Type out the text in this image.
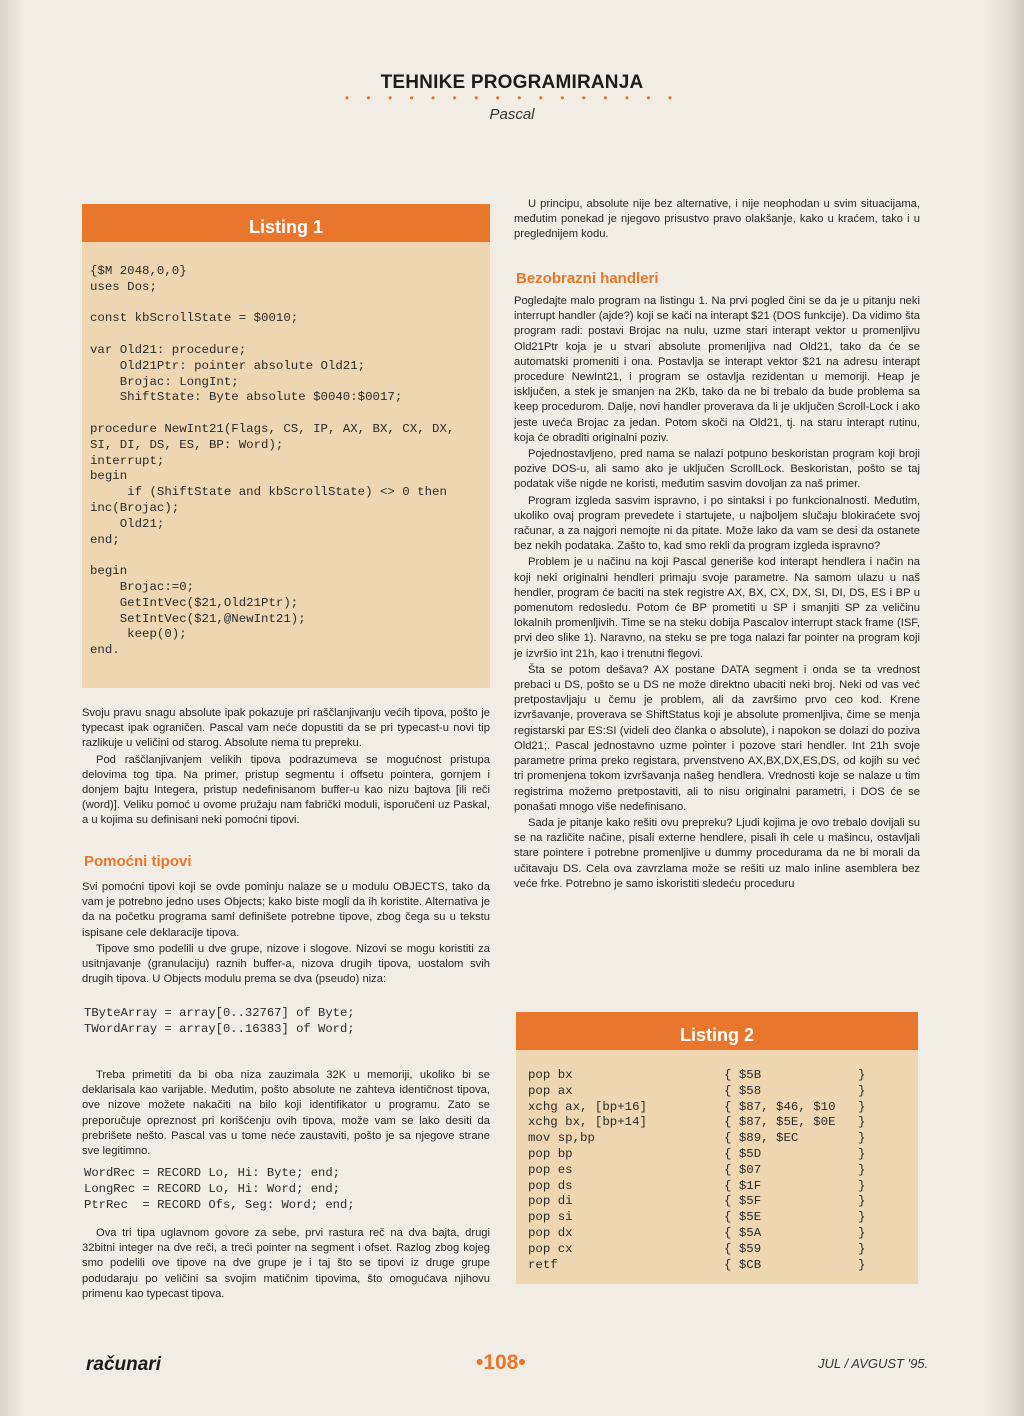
TEHNIKE PROGRAMIRANJA
• • • • • • • • • • • • • • • •
Pascal
Listing 1
{$M 2048,0,0}
uses Dos;
const kbScrollState = $0010;
var Old21: procedure;
Old21Ptr: pointer absolute Old21;
Brojac: LongInt;
ShiftState: Byte absolute $0040:$0017;
procedure NewInt21(Flags, CS, IP, AX, BX, CX, DX,
SI, DI, DS, ES, BP: Word);
interrupt;
begin
if (ShiftState and kbScrollState) <> 0 then
inc(Brojac);
Old21;
end;
begin
Brojac:=0;
GetIntVec($21,Old21Ptr);
SetIntVec($21,@NewInt21);
keep(0);
end.

Svoju pravu snagu absolute ipak pokazuje pri raščlanjivanju većih tipova, pošto je typecast ipak ograničen. Pascal vam neće dopustiti da se pri typecast-u novi tip razlikuje u veličini od starog. Absolute nema tu prepreku.

Pod raščlanjivanjem velikih tipova podrazumeva se mogućnost pristupa delovima tog tipa. Na primer, pristup segmentu i offsetu pointera, gornjem i donjem bajtu Integera, pristup nedefinisanom buffer-u kao nizu bajtova [ili reči (word)]. Veliku pomoć u ovome pružaju nam fabrički moduli, isporučeni uz Paskal, a u kojima su definisani neki pomoćni tipovi.

Pomoćni tipovi

Svi pomoćni tipovi koji se ovde pominju nalaze se u modulu OBJECTS, tako da vam je potrebno jedno uses Objects; kako biste mogli da ih koristite. Alternativa je da na početku programa sami definišete potrebne tipove, zbog čega su u tekstu ispisane cele deklaracije tipova.

Tipove smo podelili u dve grupe, nizove i slogove. Nizovi se mogu koristiti za usitnjavanje (granulaciju) raznih buffer-a, nizova drugih tipova, uostalom svih drugih tipova. U Objects modulu prema se dva (pseudo) niza:

TByteArray = array[0..32767] of Byte;
TWordArray = array[0..16383] of Word;

Treba primetiti da bi oba niza zauzimala 32K u memoriji, ukoliko bi se deklarisala kao varijable. Međutim, pošto absolute ne zahteva identičnost tipova, ove nizove možete nakačiti na bilo koji identifikator u programu. Zato se preporučuje opreznost pri korišćenju ovih tipova, može vam se lako desiti da prebrišete nešto. Pascal vas u tome neće zaustaviti, pošto je sa njegove strane sve legitimno.

WordRec = RECORD Lo, Hi: Byte; end;
LongRec = RECORD Lo, Hi: Word; end;
PtrRec  = RECORD Ofs, Seg: Word; end;

Ova tri tipa uglavnom govore za sebe, prvi rastura reč na dva bajta, drugi 32bitni integer na dve reči, a treći pointer na segment i ofset. Razlog zbog kojeg smo podelili ove tipove na dve grupe je i taj što se tipovi iz druge grupe podudaraju po veličini sa svojim matičnim tipovima, što omogućava njihovu primenu kao typecast tipova.

U principu, absolute nije bez alternative, i nije neophodan u svim situacijama, međutim ponekad je njegovo prisustvo pravo olakšanje, kako u kraćem, tako i u preglednijem kodu.

Bezobrazni handleri

Pogledajte malo program na listingu 1. Na prvi pogled čini se da je u pitanju neki interrupt handler (ajde?) koji se kači na interapt $21 (DOS funkcije). Da vidimo šta program radi: postavi Brojac na nulu, uzme stari interapt vektor u promenljivu Old21Ptr koja je u stvari absolute promenljiva nad Old21, tako da će se automatski promeniti i ona. Postavlja se interapt vektor $21 na adresu interapt procedure NewInt21, i program se ostavlja rezidentan u memoriji. Heap je isključen, a stek je smanjen na 2Kb, tako da ne bi trebalo da bude problema sa keep procedurom. Dalje, novi handler proverava da li je uključen Scroll-Lock i ako jeste uveća Brojac za jedan. Potom skoči na Old21, tj. na staru interapt rutinu, koja će obraditi originalni poziv.

Pojednostavljeno, pred nama se nalazi potpuno beskoristan program koji broji pozive DOS-u, ali samo ako je uključen ScrollLock. Beskoristan, pošto se taj podatak više nigde ne koristi, međutim sasvim dovoljan za naš primer.

Program izgleda sasvim ispravno, i po sintaksi i po funkcionalnosti. Međutim, ukoliko ovaj program prevedete i startujete, u najboljem slučaju blokiraćete svoj računar, a za najgori nemojte ni da pitate. Može lako da vam se desi da ostanete bez nekih podataka. Zašto to, kad smo rekli da program izgleda ispravno?

Problem je u načinu na koji Pascal generiše kod interapt hendlera i način na koji neki originalni hendleri primaju svoje parametre. Na samom ulazu u naš hendler, program će baciti na stek registre AX, BX, CX, DX, SI, DI, DS, ES i BP u pomenutom redosledu. Potom će BP prometiti u SP i smanjiti SP za veličinu lokalnih promenljivih. Time se na steku dobija Pascalov interrupt stack frame (ISF, prvi deo slike 1). Naravno, na steku se pre toga nalazi far pointer na program koji je izvršio int 21h, kao i trenutni flegovi.

Šta se potom dešava? AX postane DATA segment i onda se ta vrednost prebaci u DS, pošto se u DS ne može direktno ubaciti neki broj. Neki od vas već pretpostavljaju u čemu je problem, ali da završimo prvo ceo kod. Krene izvršavanje, proverava se ShiftStatus koji je absolute promenljiva, čime se menja registarski par ES:SI (videli deo članka o absolute), i napokon se dolazi do poziva Old21;. Pascal jednostavno uzme pointer i pozove stari hendler. Int 21h svoje parametre prima preko registara, prvenstveno AX,BX,DX,ES,DS, od kojih su već tri promenjena tokom izvršavanja našeg hendlera. Vrednosti koje se nalaze u tim registrima možemo pretpostaviti, ali to nisu originalni parametri, i DOS će se ponašati mnogo više nedefinisano.

Sada je pitanje kako rešiti ovu prepreku? Ljudi kojima je ovo trebalo dovijali su se na različite načine, pisali externe hendlere, pisali ih cele u mašincu, ostavljali stare pointere i potrebne promenljive u dummy procedurama da ne bi morali da učitavaju DS. Cela ova zavrzlama može se rešiti uz malo inline asemblera bez veće frke. Potrebno je samo iskoristiti sledeću proceduru

Listing 2
pop bx	{ $5B	}
pop ax	{ $58	}
xchg ax, [bp+16]	{ $87, $46, $10 }
xchg bx, [bp+14]	{ $87, $5E, $0E }
mov sp,bp	{ $89, $EC	}
pop bp	{ $5D	}
pop es	{ $07	}
pop ds	{ $1F	}
pop di	{ $5F	}
pop si	{ $5E	}
pop dx	{ $5A	}
pop cx	{ $59	}
retf	{ $CB	}
računari	•108•	JUL / AVGUST '95.
